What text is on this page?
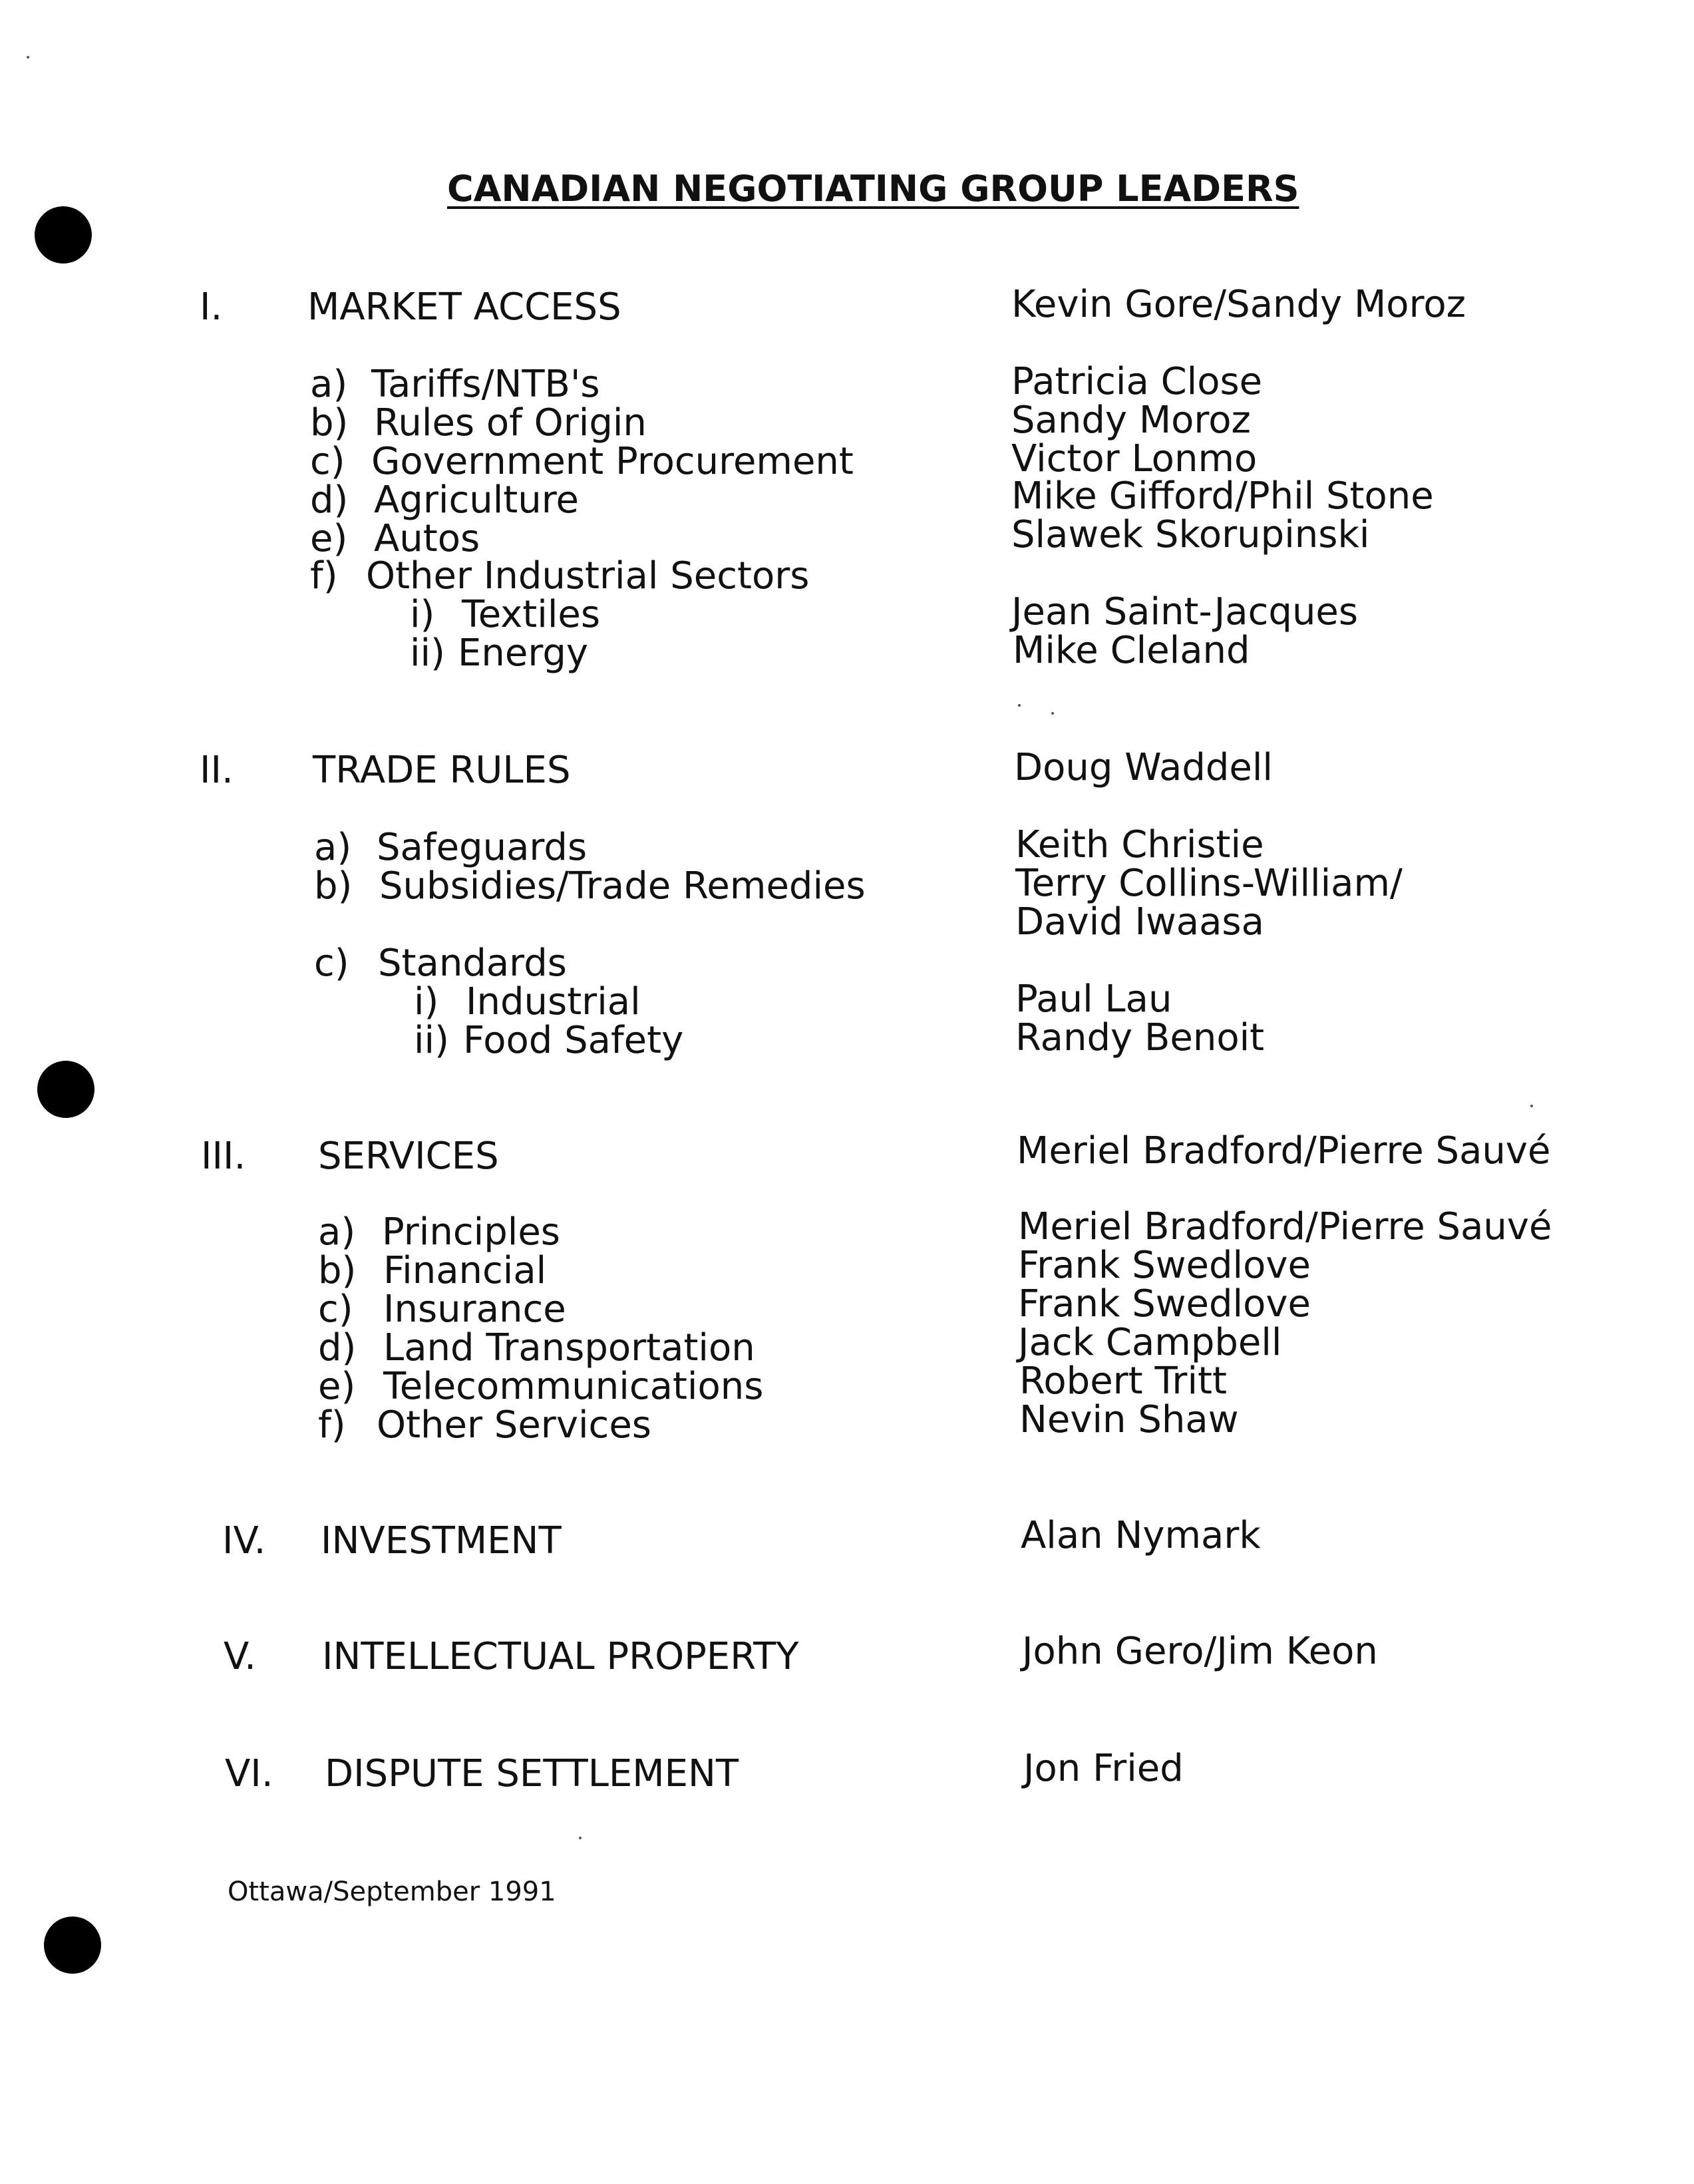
CANADIAN NEGOTIATING GROUP LEADERS
I. MARKET ACCESS	Kevin Gore/Sandy Moroz
a) Tariffs/NTB's	Patricia Close
b) Rules of Origin	Sandy Moroz
c) Government Procurement	Victor Lonmo
d) Agriculture	Mike Gifford/Phil Stone
e) Autos	Slawek Skorupinski
f) Other Industrial Sectors
i) Textiles	Jean Saint-Jacques
ii) Energy	Mike Cleland
II. TRADE RULES	Doug Waddell
a) Safeguards	Keith Christie
b) Subsidies/Trade Remedies	Terry Collins-William/
David Iwaasa
c) Standards
i) Industrial	Paul Lau
ii) Food Safety	Randy Benoit
III. SERVICES	Meriel Bradford/Pierre Sauvé
a) Principles	Meriel Bradford/Pierre Sauvé
b) Financial	Frank Swedlove
c) Insurance	Frank Swedlove
d) Land Transportation	Jack Campbell
e) Telecommunications	Robert Tritt
f) Other Services	Nevin Shaw
IV. INVESTMENT	Alan Nymark
V. INTELLECTUAL PROPERTY	John Gero/Jim Keon
VI. DISPUTE SETTLEMENT	Jon Fried
Ottawa/September 1991
